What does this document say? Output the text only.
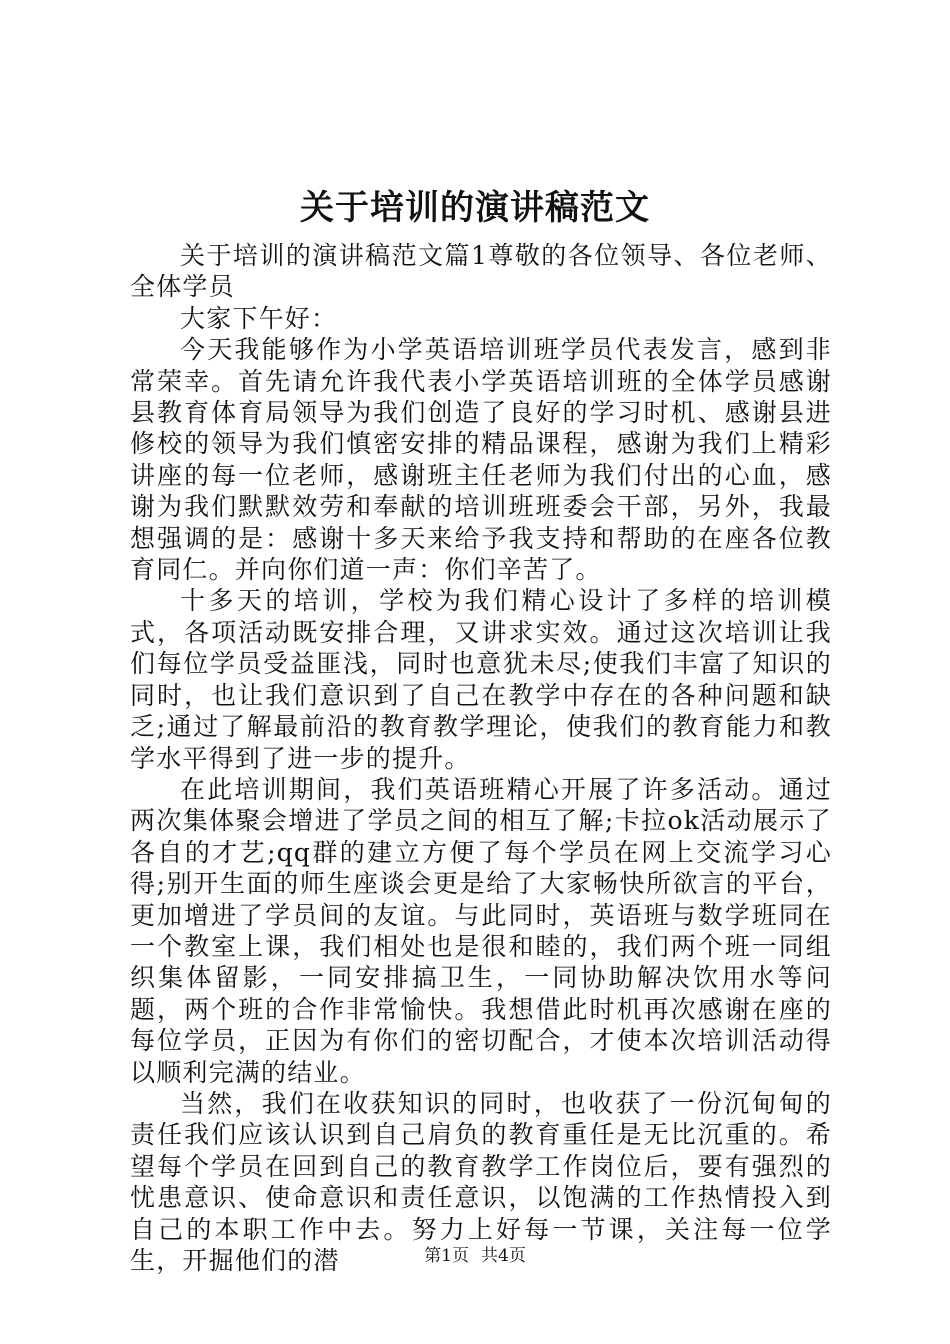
关于培训的演讲稿范文

关于培训的演讲稿范文篇1尊敬的各位领导、各位老师、全体学员

大家下午好：

今天我能够作为小学英语培训班学员代表发言，感到非常荣幸。首先请允许我代表小学英语培训班的全体学员感谢县教育体育局领导为我们创造了良好的学习时机、感谢县进修校的领导为我们慎密安排的精品课程，感谢为我们上精彩讲座的每一位老师，感谢班主任老师为我们付出的心血，感谢为我们默默效劳和奉献的培训班班委会干部，另外，我最想强调的是：感谢十多天来给予我支持和帮助的在座各位教育同仁。并向你们道一声：你们辛苦了。

十多天的培训，学校为我们精心设计了多样的培训模式，各项活动既安排合理，又讲求实效。通过这次培训让我们每位学员受益匪浅，同时也意犹未尽;使我们丰富了知识的同时，也让我们意识到了自己在教学中存在的各种问题和缺乏;通过了解最前沿的教育教学理论，使我们的教育能力和教学水平得到了进一步的提升。

在此培训期间，我们英语班精心开展了许多活动。通过两次集体聚会增进了学员之间的相互了解;卡拉ok活动展示了各自的才艺;qq群的建立方便了每个学员在网上交流学习心得;别开生面的师生座谈会更是给了大家畅快所欲言的平台，更加增进了学员间的友谊。与此同时，英语班与数学班同在一个教室上课，我们相处也是很和睦的，我们两个班一同组织集体留影，一同安排搞卫生，一同协助解决饮用水等问题，两个班的合作非常愉快。我想借此时机再次感谢在座的每位学员，正因为有你们的密切配合，才使本次培训活动得以顺利完满的结业。

当然，我们在收获知识的同时，也收获了一份沉甸甸的责任我们应该认识到自己肩负的教育重任是无比沉重的。希望每个学员在回到自己的教育教学工作岗位后，要有强烈的忧患意识、使命意识和责任意识，以饱满的工作热情投入到自己的本职工作中去。努力上好每一节课，关注每一位学生，开掘他们的潜	第1页 共4页
